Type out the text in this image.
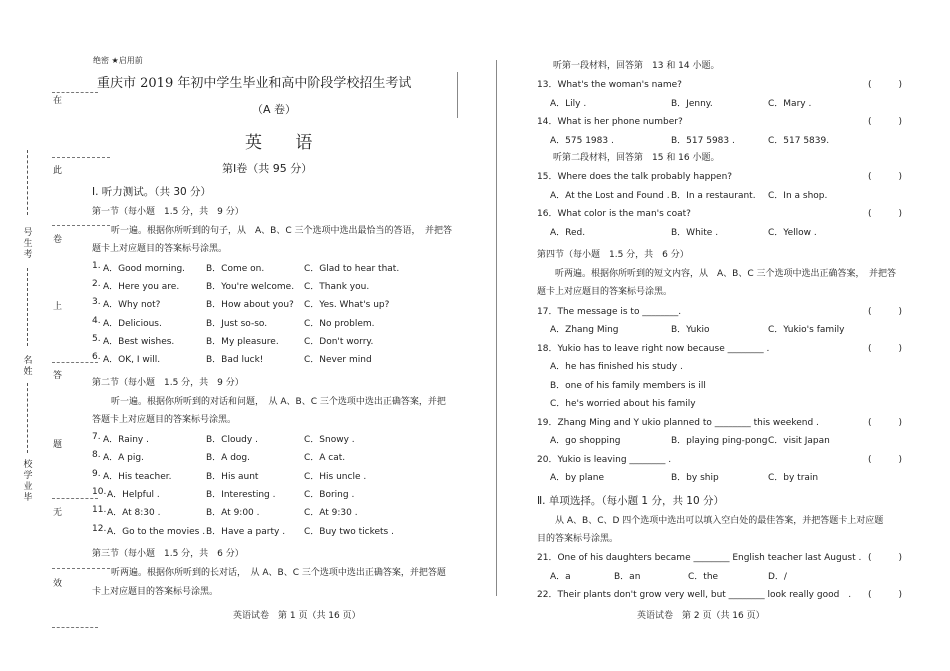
在
此
卷
上
答
题
无
效
号生考
名姓
校学业毕
绝密 ★启用前
重庆市 2019 年初中学生毕业和高中阶段学校招生考试
（A 卷）
英 语
第Ⅰ卷（共 95 分）
Ⅰ. 听力测试。（共 30 分）
第一节（每小题　1.5 分，共　9 分）
听一遍。根据你所听到的句子，从　A、B、C 三个选项中选出最恰当的答语，　并把答
题卡上对应题目的答案标号涂黑。
1. A．Good morning. B．Come on.	C．Glad to hear that.
2. A．Here you are.	B．You're welcome. C．Thank you.
3. A．Why not?	B．How about you? C．Yes. What's up?
4. A．Delicious.	B．Just so-so.	C．No problem.
5. A．Best wishes.	B．My pleasure.	C．Don't worry.
6. A．OK, I will.	B．Bad luck!	C．Never mind
7. A．Rainy .	B．Cloudy .	C．Snowy .
8. A．A pig.	B．A dog.	C．A cat.
9. A．His teacher.	B．His aunt	C．His uncle .
10. A．Helpful .	B．Interesting .	C．Boring .
11. A．At 8:30 .	B．At 9:00 .	C．At 9:30 .
12. A．Go to the movies . B．Have a party . C．Buy two tickets .
第二节（每小题　1.5 分，共　9 分）
听一遍。根据你所听到的对话和问题，　从 A、B、C 三个选项中选出正确答案，并把
答题卡上对应题目的答案标号涂黑。
第三节（每小题　1.5 分，共　6 分）
听两遍。根据你所听到的长对话，　从 A、B、C 三个选项中选出正确答案，并把答题
卡上对应题目的答案标号涂黑。
英语试卷　第 1 页（共 16 页）
听第一段材料，回答第　13 和 14 小题。
13．What's the woman's name?	(　　　)
A．Lily .	B．Jenny.	C．Mary .
14．What is her phone number?	(　　　)
A．575 1983 .	B．517 5983 .	C．517 5839.
听第二段材料，回答第　15 和 16 小题。
15．Where does the talk probably happen?	(　　　)
A．At the Lost and Found . B．In a restaurant. C．In a shop.
16．What color is the man's coat?	(　　　)
A．Red.	B．White .	C．Yellow .
第四节（每小题　1.5 分，共　6 分）
听两遍。根据你所听到的短文内容，从　A、B、C 三个选项中选出正确答案，　并把答
题卡上对应题目的答案标号涂黑。
17．The message is to ________.	(　　　)
A．Zhang Ming	B．Yukio	C．Yukio's family
18．Yukio has to leave right now because ________ .	(　　　)
A．he has finished his study .
B．one of his family members is ill
C．he's worried about his family
19．Zhang Ming and Y ukio planned to ________ this weekend .	(　　　)
A．go shopping	B．playing ping-pong C．visit Japan
20．Yukio is leaving ________ .	(　　　)
A．by plane	B．by ship	C．by train
Ⅱ. 单项选择。（每小题 1 分，共 10 分）
从 A、B、C、D 四个选项中选出可以填入空白处的最佳答案，并把答题卡上对应题
目的答案标号涂黑。
21．One of his daughters became ________ English teacher last August . (　　　)
A．a	B．an	C．the	D．/
22．Their plants don't grow very well, but ________ look really good　. (　　　)
英语试卷　第 2 页（共 16 页）
